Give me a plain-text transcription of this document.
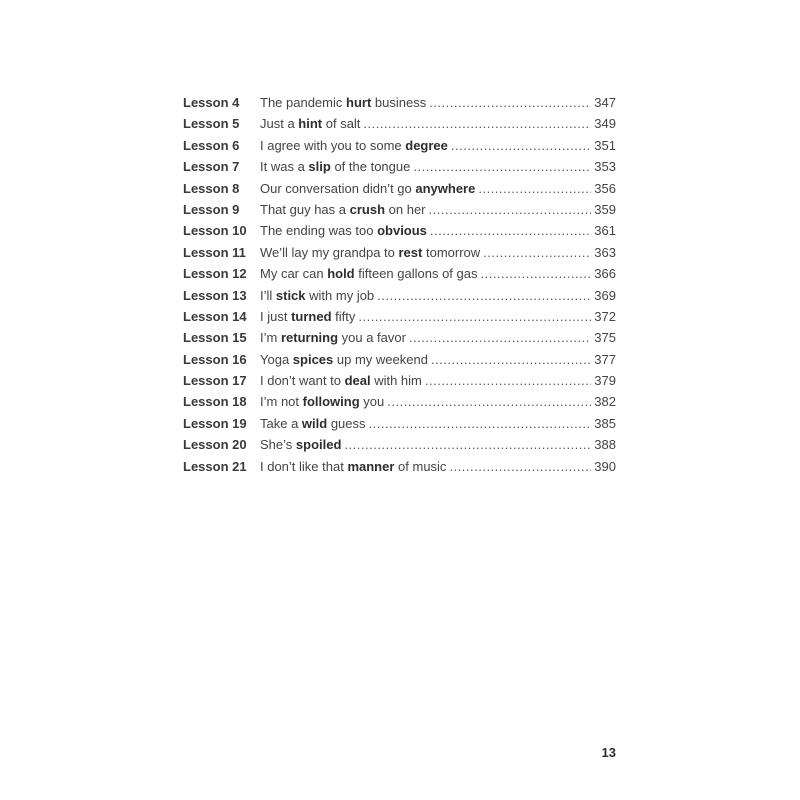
Lesson 4	The pandemic hurt business .....	347
Lesson 5	Just a hint of salt .....	349
Lesson 6	I agree with you to some degree .....	351
Lesson 7	It was a slip of the tongue .....	353
Lesson 8	Our conversation didn’t go anywhere .....	356
Lesson 9	That guy has a crush on her .....	359
Lesson 10	The ending was too obvious .....	361
Lesson 11	We’ll lay my grandpa to rest tomorrow .....	363
Lesson 12	My car can hold fifteen gallons of gas .....	366
Lesson 13	I’ll stick with my job .....	369
Lesson 14	I just turned fifty .....	372
Lesson 15	I’m returning you a favor .....	375
Lesson 16	Yoga spices up my weekend .....	377
Lesson 17	I don’t want to deal with him .....	379
Lesson 18	I’m not following you .....	382
Lesson 19	Take a wild guess .....	385
Lesson 20	She’s spoiled .....	388
Lesson 21	I don’t like that manner of music .....	390
13
